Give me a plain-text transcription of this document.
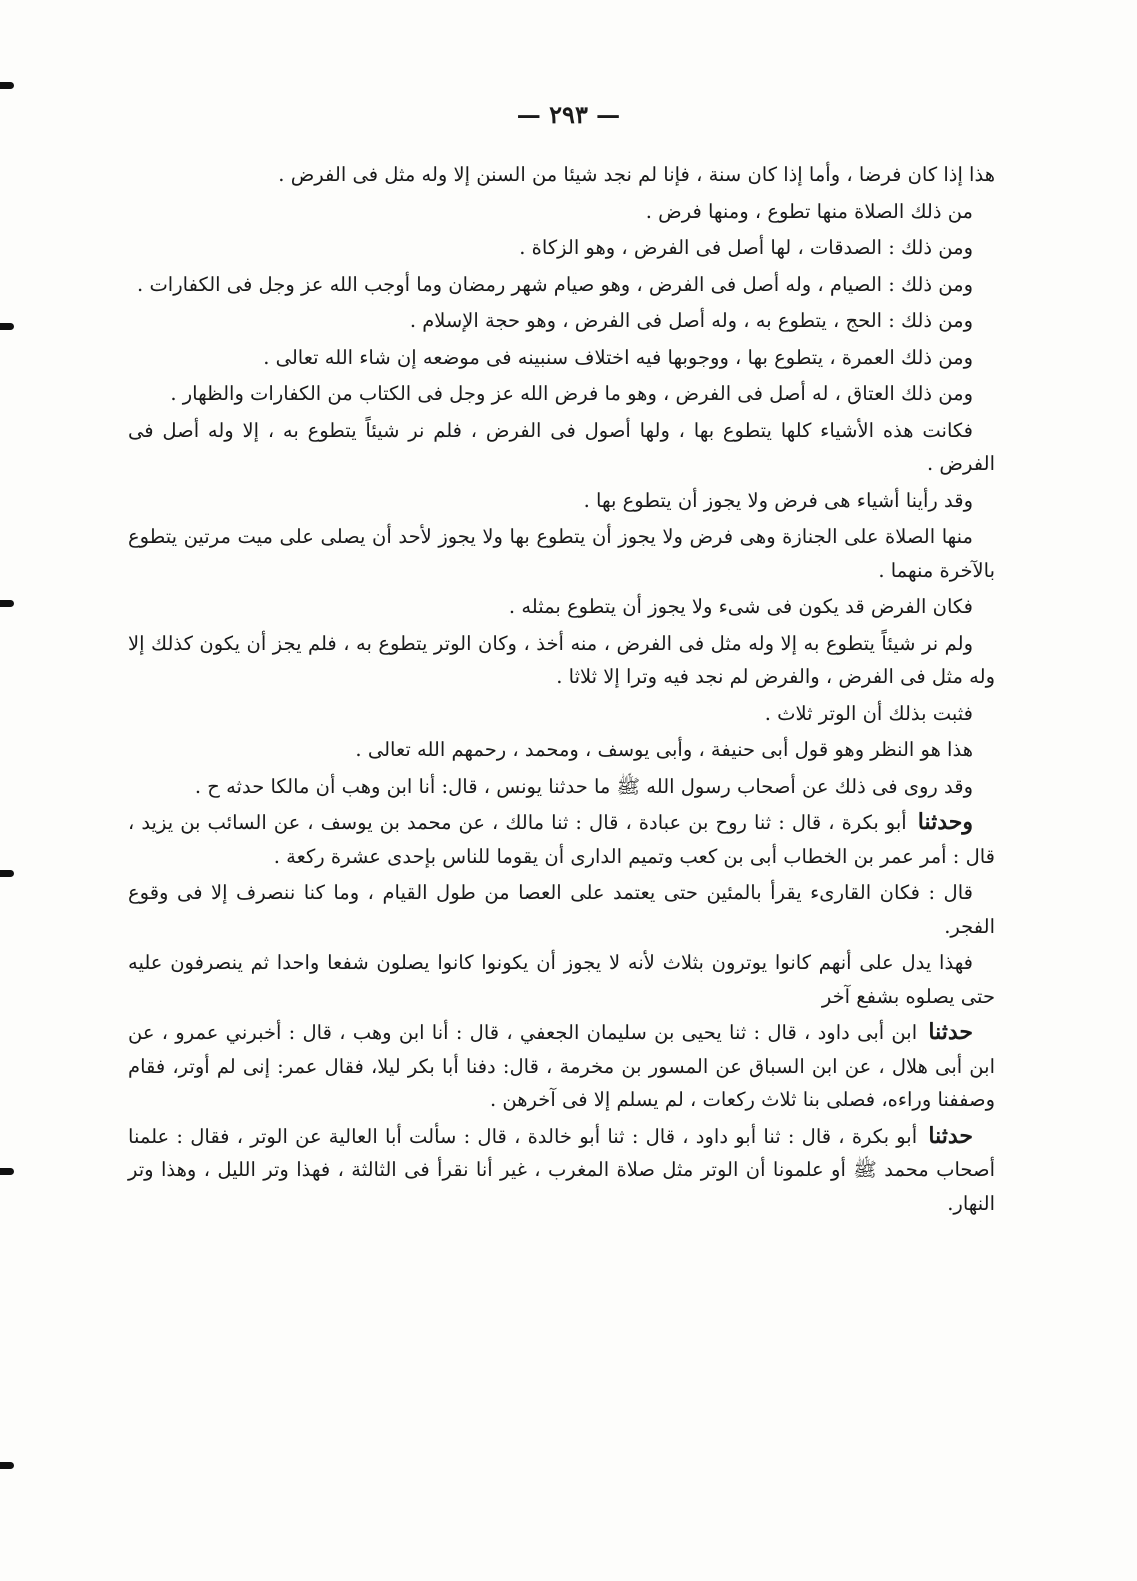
— ٢٩٣ —

هذا إذا كان فرضا ، وأما إذا كان سنة ، فإنا لم نجد شيئا من السنن إلا وله مثل فى الفرض .

من ذلك الصلاة منها تطوع ، ومنها فرض .

ومن ذلك : الصدقات ، لها أصل فى الفرض ، وهو الزكاة .

ومن ذلك : الصيام ، وله أصل فى الفرض ، وهو صيام شهر رمضان وما أوجب الله عز وجل فى الكفارات .

ومن ذلك : الحج ، يتطوع به ، وله أصل فى الفرض ، وهو حجة الإسلام .

ومن ذلك العمرة ، يتطوع بها ، ووجوبها فيه اختلاف سنبينه فى موضعه إن شاء الله تعالى .

ومن ذلك العتاق ، له أصل فى الفرض ، وهو ما فرض الله عز وجل فى الكتاب من الكفارات والظهار .

فكانت هذه الأشياء كلها يتطوع بها ، ولها أصول فى الفرض ، فلم نر شيئاً يتطوع به ، إلا وله أصل فى الفرض .

وقد رأينا أشياء هى فرض ولا يجوز أن يتطوع بها .

منها الصلاة على الجنازة وهى فرض ولا يجوز أن يتطوع بها ولا يجوز لأحد أن يصلى على ميت مرتين يتطوع بالآخرة منهما .

فكان الفرض قد يكون فى شىء ولا يجوز أن يتطوع بمثله .

ولم نر شيئاً يتطوع به إلا وله مثل فى الفرض ، منه أخذ ، وكان الوتر يتطوع به ، فلم يجز أن يكون كذلك إلا وله مثل فى الفرض ، والفرض لم نجد فيه وترا إلا ثلاثا .

فثبت بذلك أن الوتر ثلاث .

هذا هو النظر وهو قول أبى حنيفة ، وأبى يوسف ، ومحمد ، رحمهم الله تعالى .

وقد روى فى ذلك عن أصحاب رسول الله ﷺ ما حدثنا يونس ، قال: أنا ابن وهب أن مالكا حدثه ح .

وحدثنا أبو بكرة ، قال : ثنا روح بن عبادة ، قال : ثنا مالك ، عن محمد بن يوسف ، عن السائب بن يزيد ، قال : أمر عمر بن الخطاب أبى بن كعب وتميم الدارى أن يقوما للناس بإحدى عشرة ركعة .

قال : فكان القارىء يقرأ بالمئين حتى يعتمد على العصا من طول القيام ، وما كنا ننصرف إلا فى وقوع الفجر.

فهذا يدل على أنهم كانوا يوترون بثلاث لأنه لا يجوز أن يكونوا كانوا يصلون شفعا واحدا ثم ينصرفون عليه حتى يصلوه بشفع آخر

حدثنا ابن أبى داود ، قال : ثنا يحيى بن سليمان الجعفي ، قال : أنا ابن وهب ، قال : أخبرني عمرو ، عن ابن أبى هلال ، عن ابن السباق عن المسور بن مخرمة ، قال: دفنا أبا بكر ليلا، فقال عمر: إنى لم أوتر، فقام وصففنا وراءه، فصلى بنا ثلاث ركعات ، لم يسلم إلا فى آخرهن .

حدثنا أبو بكرة ، قال : ثنا أبو داود ، قال : ثنا أبو خالدة ، قال : سألت أبا العالية عن الوتر ، فقال : علمنا أصحاب محمد ﷺ أو علمونا أن الوتر مثل صلاة المغرب ، غير أنا نقرأ فى الثالثة ، فهذا وتر الليل ، وهذا وتر النهار.
